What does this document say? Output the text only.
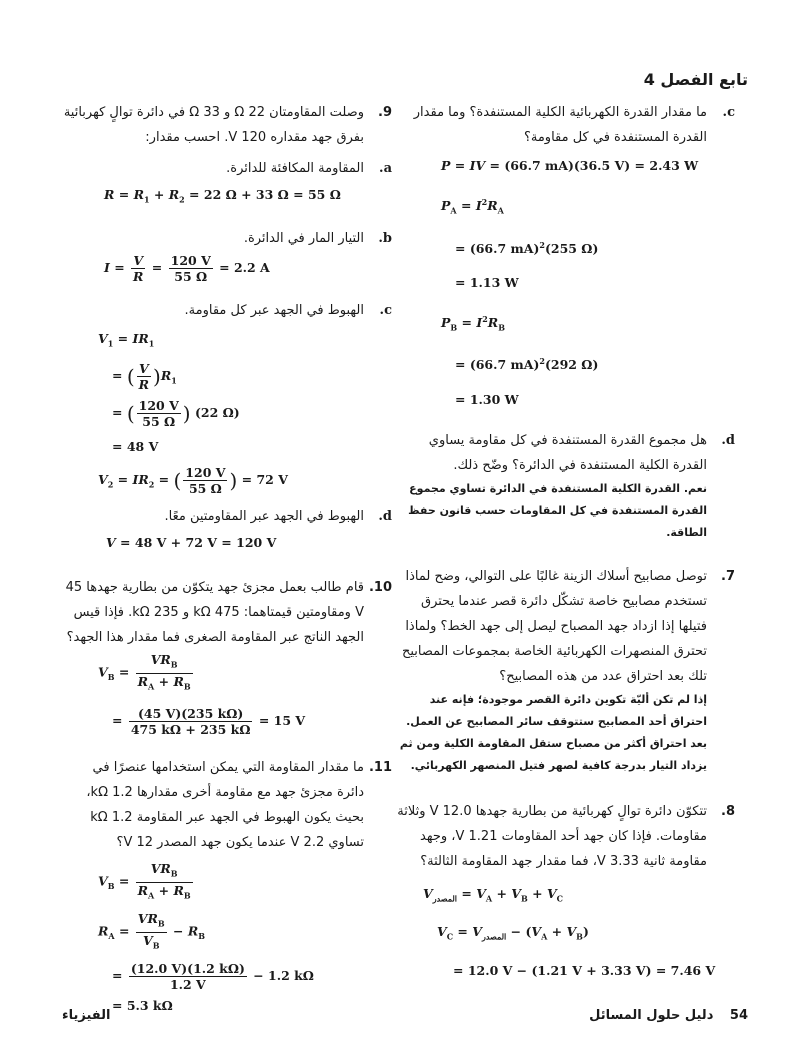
تابع الفصل 4
c.
ما مقدار القدرة الكهربائية الكلية المستنفدة؟ وما مقدار القدرة المستنفدة في كل مقاومة؟
P = IV = (66.7 mA)(36.5 V) = 2.43 W
$P_A = I^2R_A$
= (66.7 mA)$^2$(255 Ω)
= 1.13 W
$P_B = I^2R_B$
= (66.7 mA)$^2$(292 Ω)
= 1.30 W
d.
هل مجموع القدرة المستنفدة في كل مقاومة يساوي القدرة الكلية المستنفدة في الدائرة؟ وضّح ذلك.
نعم. القدرة الكلية المستنفدة في الدائرة تساوي مجموع القدرة المستنفدة في كل المقاومات حسب قانون حفظ الطاقة.
7.
توصل مصابيح أسلاك الزينة غالبًا على التوالي، وضح لماذا تستخدم مصابيح خاصة تشكّل دائرة قصر عندما يحترق فتيلها إذا ازداد جهد المصباح ليصل إلى جهد الخط؟ ولماذا تحترق المنصهرات الكهربائية الخاصة بمجموعات المصابيح تلك بعد احتراق عدد من هذه المصابيح؟
إذا لم تكن أليّة تكوين دائرة القصر موجودة؛ فإنه عند احتراق أحد المصابيح ستتوقف سائر المصابيح عن العمل. بعد احتراق أكثر من مصباح ستقل المقاومة الكلية ومن ثم يزداد التيار بدرجة كافية لصهر فتيل المنصهر الكهربائي.
8.
تتكوّن دائرة توالٍ كهربائية من بطارية جهدها 12.0 V وثلاثة مقاومات. فإذا كان جهد أحد المقاومات 1.21 V، وجهد مقاومة ثانية 3.33 V، فما مقدار جهد المقاومة الثالثة؟
$V_{المصدر} = V_A + V_B + V_C$
$V_C = V_{المصدر} - (V_A + V_B)$
= 12.0 V − (1.21 V + 3.33 V) = 7.46 V
9.
وصلت المقاومتان 22 Ω و 33 Ω في دائرة توالٍ كهربائية بفرق جهد مقداره 120 V. احسب مقدار:
a.
المقاومة المكافئة للدائرة.
$R = R_1 + R_2 = 22$ Ω + 33 Ω = 55 Ω
b.
التيار المار في الدائرة.
$I = \frac{V}{R} = \frac{120 V}{55 \Omega} = 2.2$ A
c.
الهبوط في الجهد عبر كل مقاومة.
$V_1 = IR_1$
= ( $\frac{V}{R} )R_1$
= ( $\frac{120 V}{55 \Omega}$ ) (22 Ω)
= 48 V
$V_2 = IR_2$ = ( $\frac{120 V}{55 \Omega}$ ) = 72 V
d.
الهبوط في الجهد عبر المقاومتين معًا.
V = 48 V + 72 V = 120 V
10.
قام طالب بعمل مجزئ جهد يتكوّن من بطارية جهدها 45 V ومقاومتين قيمتاهما: 475 kΩ و 235 kΩ. فإذا قيس الجهد الناتج عبر المقاومة الصغرى فما مقدار هذا الجهد؟
$V_B = \frac{VR_B}{R_A + R_B}$
= $\frac{(45 V)(235 k\Omega)}{475 k\Omega + 235 k\Omega} = 15$ V
11.
ما مقدار المقاومة التي يمكن استخدامها عنصرًا في دائرة مجزئ جهد مع مقاومة أخرى مقدارها 1.2 kΩ، بحيث يكون الهبوط في الجهد عبر المقاومة 1.2 kΩ تساوي 2.2 V عندما يكون جهد المصدر 12 V؟
$V_B = \frac{VR_B}{R_A + R_B}$
$R_A = \frac{VR_B}{V_B} - R_B$
= $\frac{(12.0 V)(1.2 k\Omega)}{1.2 V} - 1.2$ kΩ
= 5.3 kΩ
الفيزياء	54 دليل حلول المسائل
